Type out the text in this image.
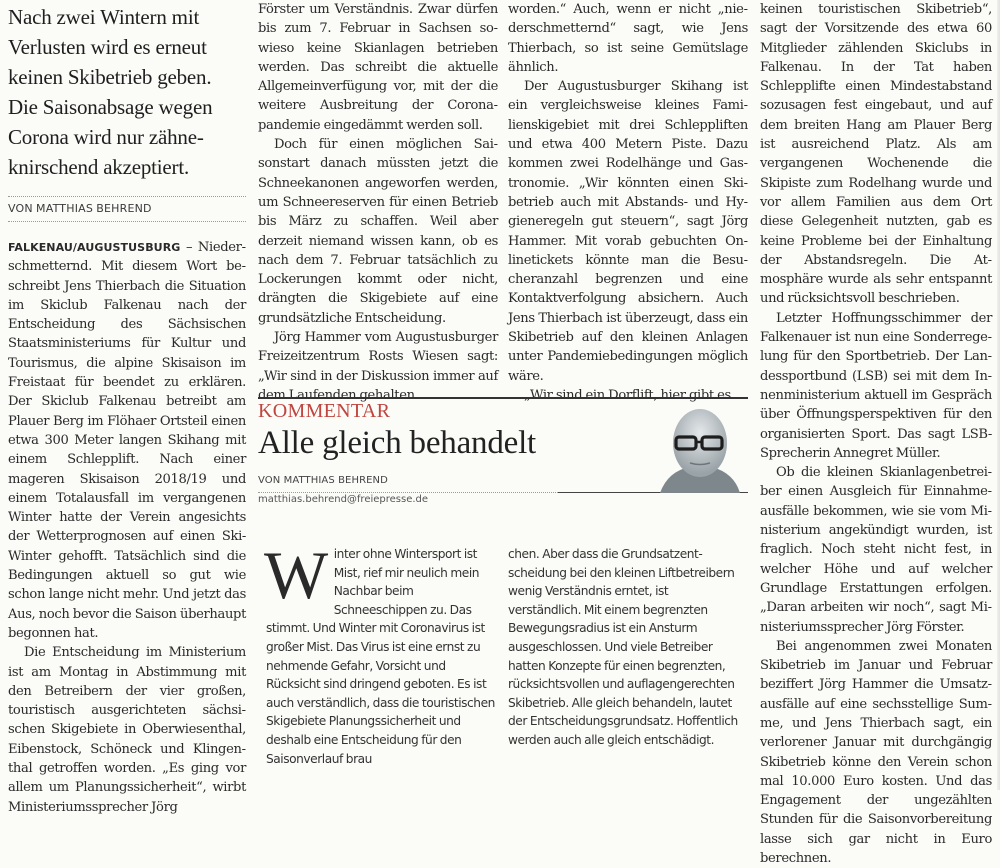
Nach zwei Wintern mit Verlusten wird es erneut keinen Skibetrieb geben. Die Saisonabsage wegen Corona wird nur zähne-knirschend akzeptiert.
VON MATTHIAS BEHREND

FALKENAU/AUGUSTUSBURG – Niederschmetternd. Mit diesem Wort beschreibt Jens Thierbach die Situation im Skiclub Falkenau nach der Entscheidung des Sächsischen Staatsministeriums für Kultur und Tourismus, die alpine Skisaison im Freistaat für beendet zu erklären. Der Skiclub Falkenau betreibt am Plauer Berg im Flöhaer Ortsteil einen etwa 300 Meter langen Skihang mit einem Schlepplift. Nach einer mageren Skisaison 2018/19 und einem Totalausfall im vergangenen Winter hatte der Verein angesichts der Wetterprognosen auf einen Ski-Winter gehofft. Tatsächlich sind die Bedingungen aktuell so gut wie schon lange nicht mehr. Und jetzt das Aus, noch bevor die Saison überhaupt begonnen hat.

Die Entscheidung im Ministerium ist am Montag in Abstimmung mit den Betreibern der vier großen, touristisch ausgerichteten sächsischen Skigebiete in Oberwiesenthal, Eibenstock, Schöneck und Klingenthal getroffen worden. „Es ging vor allem um Planungssicherheit“, wirbt Ministeriumssprecher Jörg

Förster um Verständnis. Zwar dürfen bis zum 7. Februar in Sachsen sowieso keine Skianlagen betrieben werden. Das schreibt die aktuelle Allgemeinverfügung vor, mit der die weitere Ausbreitung der Coronapandemie eingedämmt werden soll.

Doch für einen möglichen Saisonstart danach müssten jetzt die Schneekanonen angeworfen werden, um Schneereserven für einen Betrieb bis März zu schaffen. Weil aber derzeit niemand wissen kann, ob es nach dem 7. Februar tatsächlich zu Lockerungen kommt oder nicht, drängten die Skigebiete auf eine grundsätzliche Entscheidung.

Jörg Hammer vom Augustusburger Freizeitzentrum Rosts Wiesen sagt: „Wir sind in der Diskussion immer auf dem Laufenden gehalten

worden.“ Auch, wenn er nicht „niederschmetternd“ sagt, wie Jens Thierbach, so ist seine Gemütslage ähnlich.

Der Augustusburger Skihang ist ein vergleichsweise kleines Familienskigebiet mit drei Schleppliften und etwa 400 Metern Piste. Dazu kommen zwei Rodelhänge und Gastronomie. „Wir könnten einen Skibetrieb auch mit Abstands- und Hygieneregeln gut steuern“, sagt Jörg Hammer. Mit vorab gebuchten Onlinetickets könnte man die Besucheranzahl begrenzen und eine Kontaktverfolgung absichern. Auch Jens Thierbach ist überzeugt, dass ein Skibetrieb auf den kleinen Anlagen unter Pandemiebedingungen möglich wäre.

„Wir sind ein Dorflift, hier gibt es

keinen touristischen Skibetrieb“, sagt der Vorsitzende des etwa 60 Mitglieder zählenden Skiclubs in Falkenau. In der Tat haben Schlepplifte einen Mindestabstand sozusagen fest eingebaut, und auf dem breiten Hang am Plauer Berg ist ausreichend Platz. Als am vergangenen Wochenende die Skipiste zum Rodelhang wurde und vor allem Familien aus dem Ort diese Gelegenheit nutzten, gab es keine Probleme bei der Einhaltung der Abstandsregeln. Die Atmosphäre wurde als sehr entspannt und rücksichtsvoll beschrieben.

Letzter Hoffnungsschimmer der Falkenauer ist nun eine Sonderregelung für den Sportbetrieb. Der Landessportbund (LSB) sei mit dem Innenministerium aktuell im Gespräch über Öffnungsperspektiven für den organisierten Sport. Das sagt LSB-Sprecherin Annegret Müller.

Ob die kleinen Skianlagenbetreiber einen Ausgleich für Einnahmeausfälle bekommen, wie sie vom Ministerium angekündigt wurden, ist fraglich. Noch steht nicht fest, in welcher Höhe und auf welcher Grundlage Erstattungen erfolgen. „Daran arbeiten wir noch“, sagt Ministeriumssprecher Jörg Förster.

Bei angenommen zwei Monaten Skibetrieb im Januar und Februar beziffert Jörg Hammer die Umsatzausfälle auf eine sechsstellige Summe, und Jens Thierbach sagt, ein verlorener Januar mit durchgängig Skibetrieb könne den Verein schon mal 10.000 Euro kosten. Und das Engagement der ungezählten Stunden für die Saisonvorbereitung lasse sich gar nicht in Euro berechnen.

KOMMENTAR
Alle gleich behandelt
VON MATTHIAS BEHREND
matthias.behrend@freiepresse.de

Winter ohne Wintersport ist Mist, rief mir neulich mein Nachbar beim Schneeschippen zu. Das stimmt. Und Winter mit Coronavirus ist großer Mist. Das Virus ist eine ernst zu nehmende Gefahr, Vorsicht und Rücksicht sind dringend geboten. Es ist auch verständlich, dass die touristischen Skigebiete Planungssicherheit und deshalb eine Entscheidung für den Saisonverlauf brau

chen. Aber dass die Grundsatzentscheidung bei den kleinen Liftbetreibern wenig Verständnis erntet, ist verständlich. Mit einem begrenzten Bewegungsradius ist ein Ansturm ausgeschlossen. Und viele Betreiber hatten Konzepte für einen begrenzten, rücksichtsvollen und auflagengerechten Skibetrieb. Alle gleich behandeln, lautet der Entscheidungsgrundsatz. Hoffentlich werden auch alle gleich entschädigt.
